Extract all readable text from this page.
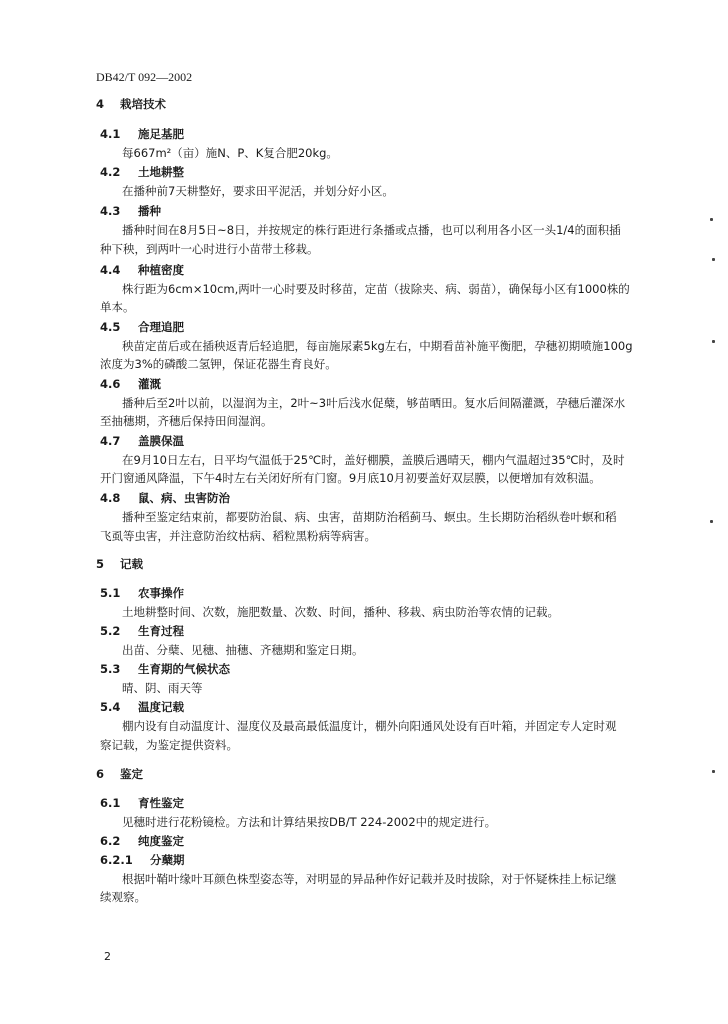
DB42/T 092—2002
4 栽培技术
4.1 施足基肥
每667m²（亩）施N、P、K复合肥20kg。
4.2 土地耕整
在播种前7天耕整好，要求田平泥活，并划分好小区。
4.3 播种
播种时间在8月5日~8日，并按规定的株行距进行条播或点播，也可以利用各小区一头1/4的面积插
种下秧，到两叶一心时进行小苗带土移栽。
4.4 种植密度
株行距为6cm×10cm,两叶一心时要及时移苗，定苗（拔除夹、病、弱苗），确保每小区有1000株的
单本。
4.5 合理追肥
秧苗定苗后或在插秧返青后轻追肥，每亩施尿素5kg左右，中期看苗补施平衡肥，孕穗初期喷施100g
浓度为3%的磷酸二氢钾，保证花器生育良好。
4.6 灌溉
播种后至2叶以前，以湿润为主，2叶~3叶后浅水促蘖，够苗晒田。复水后间隔灌溉，孕穗后灌深水
至抽穗期，齐穗后保持田间湿润。
4.7 盖膜保温
在9月10日左右，日平均气温低于25℃时，盖好棚膜，盖膜后遇晴天，棚内气温超过35℃时，及时
开门窗通风降温，下午4时左右关闭好所有门窗。9月底10月初要盖好双层膜，以便增加有效积温。
4.8 鼠、病、虫害防治
播种至鉴定结束前，都要防治鼠、病、虫害，苗期防治稻蓟马、螟虫。生长期防治稻纵卷叶螟和稻
飞虱等虫害，并注意防治纹枯病、稻粒黑粉病等病害。
5 记载
5.1 农事操作
土地耕整时间、次数，施肥数量、次数、时间，播种、移栽、病虫防治等农情的记载。
5.2 生育过程
出苗、分蘖、见穗、抽穗、齐穗期和鉴定日期。
5.3 生育期的气候状态
晴、阴、雨天等
5.4 温度记载
棚内设有自动温度计、湿度仪及最高最低温度计，棚外向阳通风处设有百叶箱，并固定专人定时观
察记载，为鉴定提供资料。
6 鉴定
6.1 育性鉴定
见穗时进行花粉镜检。方法和计算结果按DB/T 224-2002中的规定进行。
6.2 纯度鉴定
6.2.1 分蘖期
根据叶鞘叶缘叶耳颜色株型姿态等，对明显的异品种作好记载并及时拔除，对于怀疑株挂上标记继
续观察。
2
